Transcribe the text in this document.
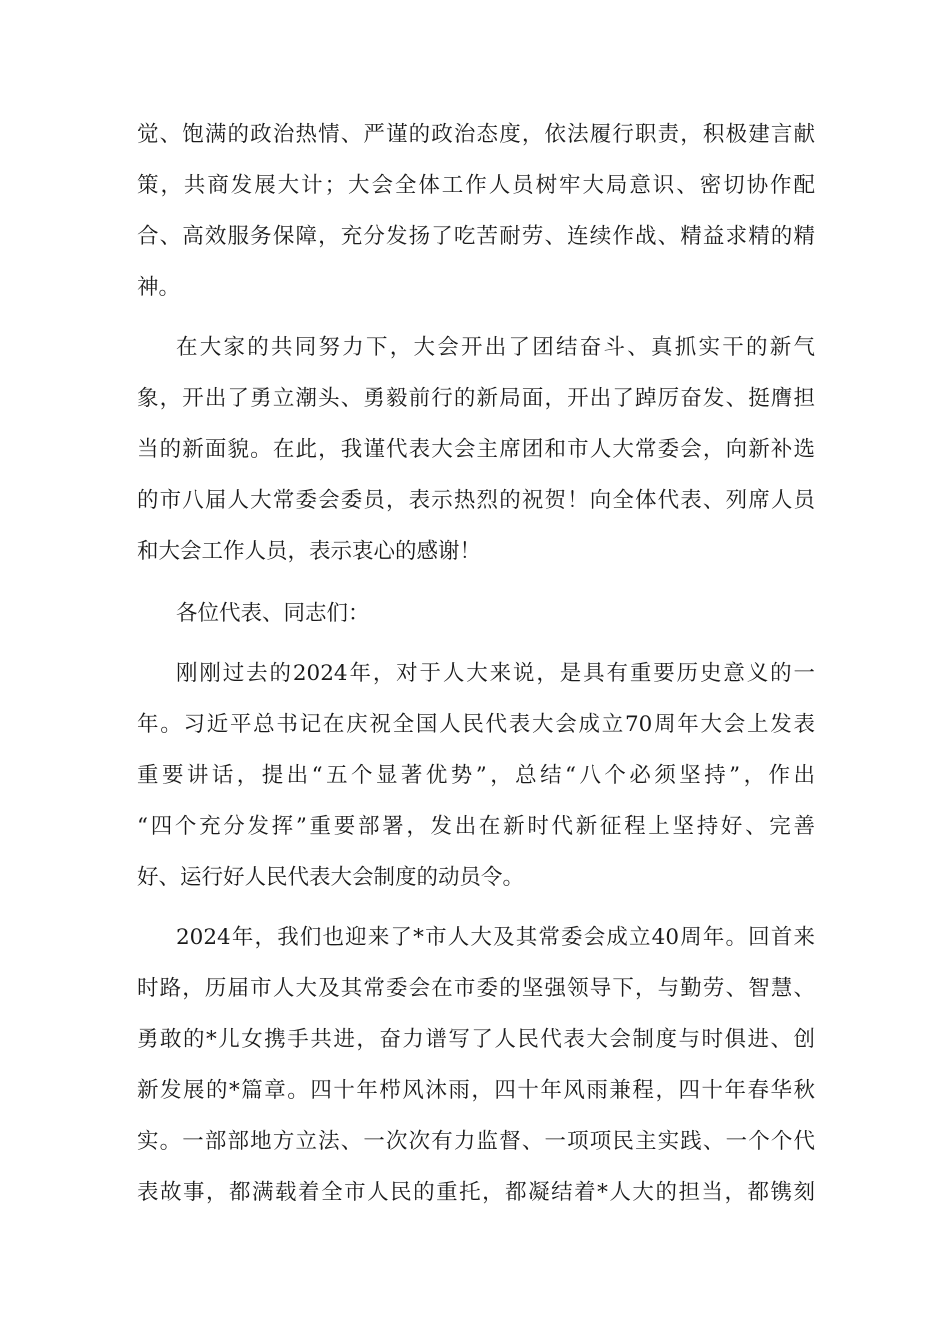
觉、饱满的政治热情、严谨的政治态度，依法履行职责，积极建言献
策，共商发展大计；大会全体工作人员树牢大局意识、密切协作配
合、高效服务保障，充分发扬了吃苦耐劳、连续作战、精益求精的精
神。
在大家的共同努力下，大会开出了团结奋斗、真抓实干的新气
象，开出了勇立潮头、勇毅前行的新局面，开出了踔厉奋发、挺膺担
当的新面貌。在此，我谨代表大会主席团和市人大常委会，向新补选
的市八届人大常委会委员，表示热烈的祝贺！向全体代表、列席人员
和大会工作人员，表示衷心的感谢！
各位代表、同志们：
刚刚过去的2024年，对于人大来说，是具有重要历史意义的一
年。习近平总书记在庆祝全国人民代表大会成立70周年大会上发表
重要讲话，提出“五个显著优势”，总结“八个必须坚持”，作出
“四个充分发挥”重要部署，发出在新时代新征程上坚持好、完善
好、运行好人民代表大会制度的动员令。
2024年，我们也迎来了*市人大及其常委会成立40周年。回首来
时路，历届市人大及其常委会在市委的坚强领导下，与勤劳、智慧、
勇敢的*儿女携手共进，奋力谱写了人民代表大会制度与时俱进、创
新发展的*篇章。四十年栉风沐雨，四十年风雨兼程，四十年春华秋
实。一部部地方立法、一次次有力监督、一项项民主实践、一个个代
表故事，都满载着全市人民的重托，都凝结着*人大的担当，都镌刻
